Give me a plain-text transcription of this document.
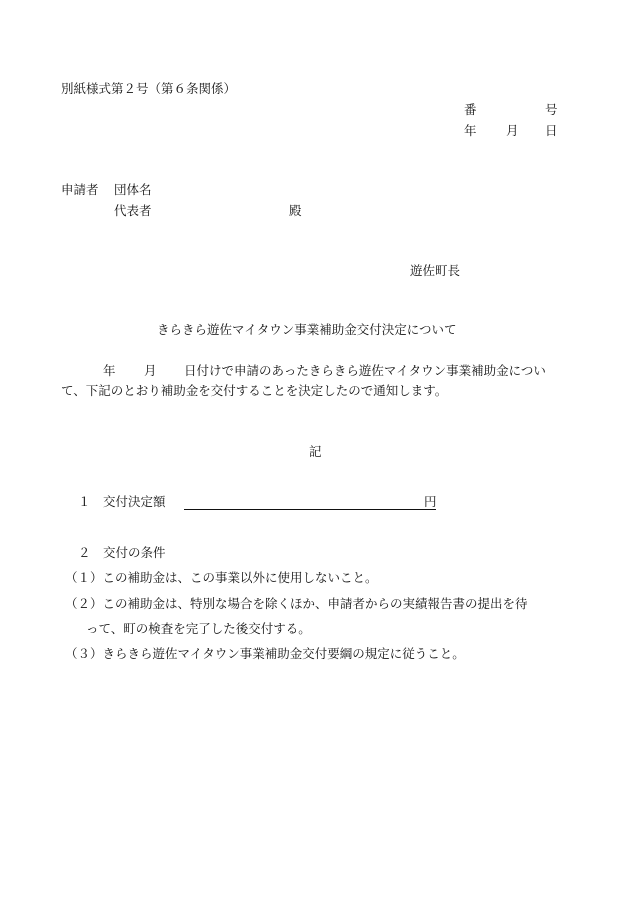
別紙様式第２号（第６条関係）
番	号
年 月 日
申請者 団体名
代表者	殿
遊佐町長
きらきら遊佐マイタウン事業補助金交付決定について
年 月 日付けで申請のあったきらきら遊佐マイタウン事業補助金につい
て、下記のとおり補助金を交付することを決定したので通知します。
記
１ 交付決定額	円
２ 交付の条件
（１）この補助金は、この事業以外に使用しないこと。
（２）この補助金は、特別な場合を除くほか、申請者からの実績報告書の提出を待
って、町の検査を完了した後交付する。
（３）きらきら遊佐マイタウン事業補助金交付要綱の規定に従うこと。
